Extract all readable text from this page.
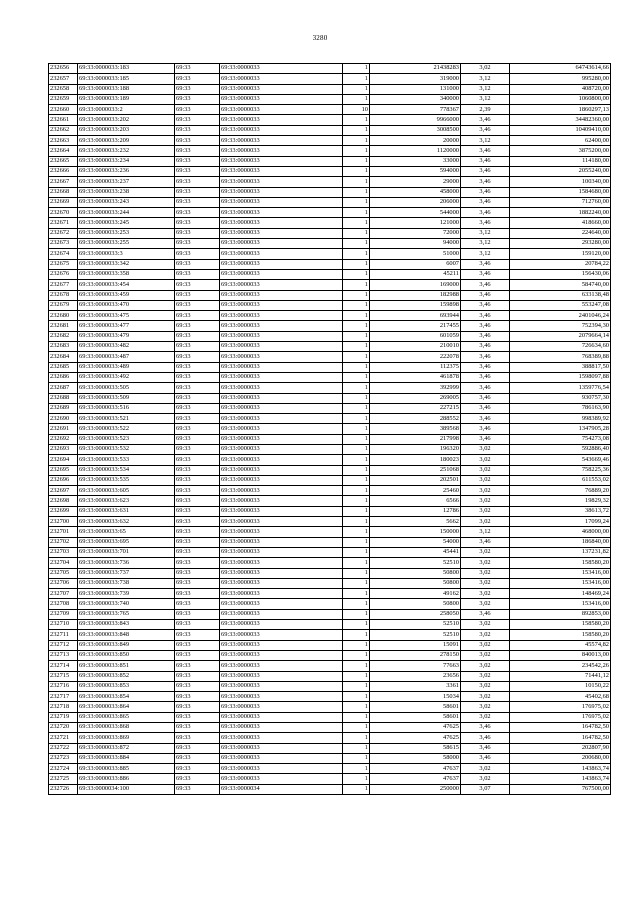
3280
232656	69:33:0000033:183	69:33	69:33:0000033	1	21438283	3,02	64743614,66
232657	69:33:0000033:185	69:33	69:33:0000033	1	319000	3,12	995280,00
232658	69:33:0000033:188	69:33	69:33:0000033	1	131000	3,12	408720,00
232659	69:33:0000033:189	69:33	69:33:0000033	1	340000	3,12	1060800,00
232660	69:33:0000033:2	69:33	69:33:0000033	10	778367	2,39	1860297,13
232661	69:33:0000033:202	69:33	69:33:0000033	1	9966000	3,46	34482360,00
232662	69:33:0000033:203	69:33	69:33:0000033	1	3008500	3,46	10409410,00
232663	69:33:0000033:209	69:33	69:33:0000033	1	20000	3,12	62400,00
232664	69:33:0000033:232	69:33	69:33:0000033	1	1120000	3,46	3875200,00
232665	69:33:0000033:234	69:33	69:33:0000033	1	33000	3,46	114180,00
232666	69:33:0000033:236	69:33	69:33:0000033	1	594000	3,46	2055240,00
232667	69:33:0000033:237	69:33	69:33:0000033	1	29000	3,46	100340,00
232668	69:33:0000033:238	69:33	69:33:0000033	1	458000	3,46	1584680,00
232669	69:33:0000033:243	69:33	69:33:0000033	1	206000	3,46	712760,00
232670	69:33:0000033:244	69:33	69:33:0000033	1	544000	3,46	1882240,00
232671	69:33:0000033:245	69:33	69:33:0000033	1	121000	3,46	418660,00
232672	69:33:0000033:253	69:33	69:33:0000033	1	72000	3,12	224640,00
232673	69:33:0000033:255	69:33	69:33:0000033	1	94000	3,12	293280,00
232674	69:33:0000033:3	69:33	69:33:0000033	1	51000	3,12	159120,00
232675	69:33:0000033:342	69:33	69:33:0000033	1	6007	3,46	20784,22
232676	69:33:0000033:358	69:33	69:33:0000033	1	45211	3,46	156430,06
232677	69:33:0000033:454	69:33	69:33:0000033	1	169000	3,46	584740,00
232678	69:33:0000033:459	69:33	69:33:0000033	1	182988	3,46	633138,48
232679	69:33:0000033:470	69:33	69:33:0000033	1	159898	3,46	553247,08
232680	69:33:0000033:475	69:33	69:33:0000033	1	693944	3,46	2401046,24
232681	69:33:0000033:477	69:33	69:33:0000033	1	217455	3,46	752394,30
232682	69:33:0000033:479	69:33	69:33:0000033	1	601059	3,46	2079664,14
232683	69:33:0000033:482	69:33	69:33:0000033	1	210010	3,46	726634,60
232684	69:33:0000033:487	69:33	69:33:0000033	1	222078	3,46	768389,88
232685	69:33:0000033:489	69:33	69:33:0000033	1	112375	3,46	388817,50
232686	69:33:0000033:492	69:33	69:33:0000033	1	461878	3,46	1598097,88
232687	69:33:0000033:505	69:33	69:33:0000033	1	392999	3,46	1359776,54
232688	69:33:0000033:509	69:33	69:33:0000033	1	269005	3,46	930757,30
232689	69:33:0000033:516	69:33	69:33:0000033	1	227215	3,46	786163,90
232690	69:33:0000033:521	69:33	69:33:0000033	1	288552	3,46	998389,92
232691	69:33:0000033:522	69:33	69:33:0000033	1	389568	3,46	1347905,28
232692	69:33:0000033:523	69:33	69:33:0000033	1	217998	3,46	754273,08
232693	69:33:0000033:532	69:33	69:33:0000033	1	196320	3,02	592886,40
232694	69:33:0000033:533	69:33	69:33:0000033	1	180023	3,02	543669,46
232695	69:33:0000033:534	69:33	69:33:0000033	1	251068	3,02	758225,36
232696	69:33:0000033:535	69:33	69:33:0000033	1	202501	3,02	611553,02
232697	69:33:0000033:605	69:33	69:33:0000033	1	25460	3,02	76889,20
232698	69:33:0000033:623	69:33	69:33:0000033	1	6566	3,02	19829,32
232699	69:33:0000033:631	69:33	69:33:0000033	1	12786	3,02	38613,72
232700	69:33:0000033:632	69:33	69:33:0000033	1	5662	3,02	17099,24
232701	69:33:0000033:65	69:33	69:33:0000033	1	150000	3,12	468000,00
232702	69:33:0000033:695	69:33	69:33:0000033	1	54000	3,46	186840,00
232703	69:33:0000033:701	69:33	69:33:0000033	1	45441	3,02	137231,82
232704	69:33:0000033:736	69:33	69:33:0000033	1	52510	3,02	158580,20
232705	69:33:0000033:737	69:33	69:33:0000033	1	50800	3,02	153416,00
232706	69:33:0000033:738	69:33	69:33:0000033	1	50800	3,02	153416,00
232707	69:33:0000033:739	69:33	69:33:0000033	1	49162	3,02	148469,24
232708	69:33:0000033:740	69:33	69:33:0000033	1	50800	3,02	153416,00
232709	69:33:0000033:765	69:33	69:33:0000033	1	258050	3,46	892853,00
232710	69:33:0000033:843	69:33	69:33:0000033	1	52510	3,02	158580,20
232711	69:33:0000033:848	69:33	69:33:0000033	1	52510	3,02	158580,20
232712	69:33:0000033:849	69:33	69:33:0000033	1	15091	3,02	45574,82
232713	69:33:0000033:850	69:33	69:33:0000033	1	278150	3,02	840013,00
232714	69:33:0000033:851	69:33	69:33:0000033	1	77663	3,02	234542,26
232715	69:33:0000033:852	69:33	69:33:0000033	1	23656	3,02	71441,12
232716	69:33:0000033:853	69:33	69:33:0000033	1	3361	3,02	10150,22
232717	69:33:0000033:854	69:33	69:33:0000033	1	15034	3,02	45402,68
232718	69:33:0000033:864	69:33	69:33:0000033	1	58601	3,02	176975,02
232719	69:33:0000033:865	69:33	69:33:0000033	1	58601	3,02	176975,02
232720	69:33:0000033:868	69:33	69:33:0000033	1	47625	3,46	164782,50
232721	69:33:0000033:869	69:33	69:33:0000033	1	47625	3,46	164782,50
232722	69:33:0000033:872	69:33	69:33:0000033	1	58615	3,46	202807,90
232723	69:33:0000033:884	69:33	69:33:0000033	1	58000	3,46	200680,00
232724	69:33:0000033:885	69:33	69:33:0000033	1	47637	3,02	143863,74
232725	69:33:0000033:886	69:33	69:33:0000033	1	47637	3,02	143863,74
232726	69:33:0000034:100	69:33	69:33:0000034	1	250000	3,07	767500,00
